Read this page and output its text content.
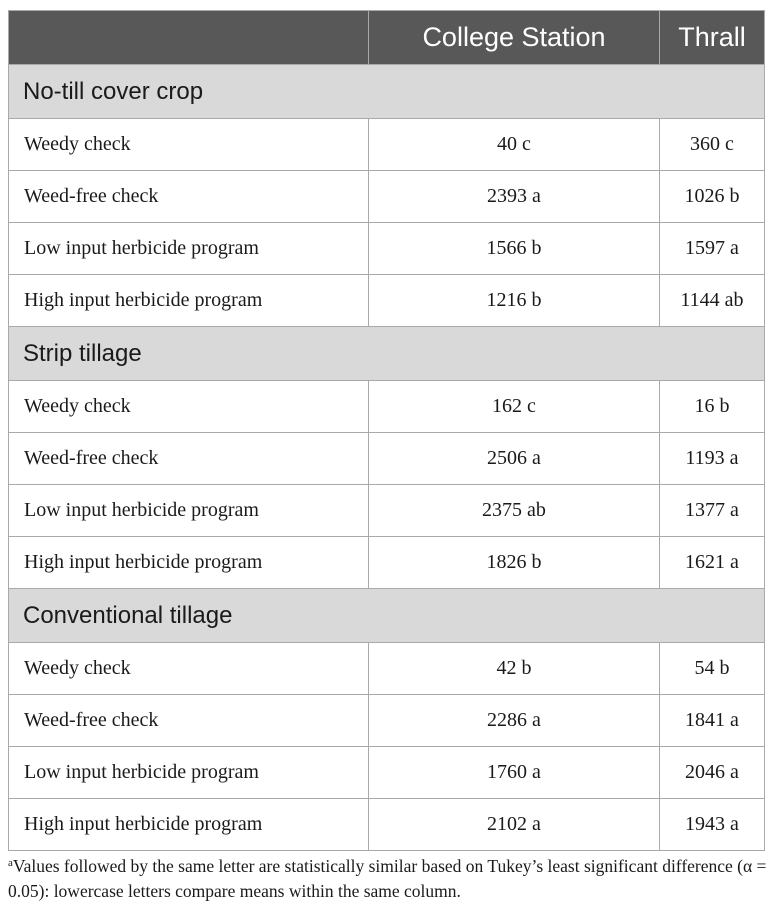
	College Station	Thrall
No-till cover crop		
Weedy check	40 c	360 c
Weed-free check	2393 a	1026 b
Low input herbicide program	1566 b	1597 a
High input herbicide program	1216 b	1144 ab
Strip tillage		
Weedy check	162 c	16 b
Weed-free check	2506 a	1193 a
Low input herbicide program	2375 ab	1377 a
High input herbicide program	1826 b	1621 a
Conventional tillage		
Weedy check	42 b	54 b
Weed-free check	2286 a	1841 a
Low input herbicide program	1760 a	2046 a
High input herbicide program	2102 a	1943 a
$^a$Values followed by the same letter are statistically similar based on Tukey’s least significant difference (α = 0.05): lowercase letters compare means within the same column.
